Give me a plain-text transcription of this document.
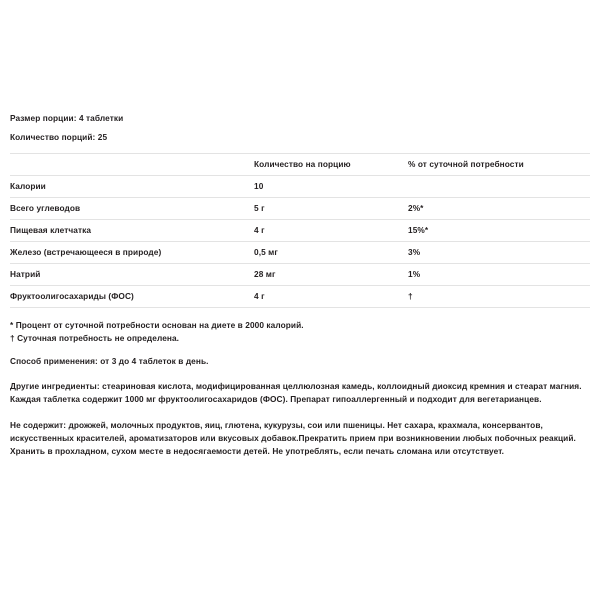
Размер порции: 4 таблетки

Количество порций: 25

	Количество на порцию	% от суточной потребности
Калории	10	
Всего углеводов	5 г	2%*
Пищевая клетчатка	4 г	15%*
Железо (встречающееся в природе)	0,5 мг	3%
Натрий	28 мг	1%
Фруктоолигосахариды (ФОС)	4 г	†

* Процент от суточной потребности основан на диете в 2000 калорий.

† Суточная потребность не определена.

Способ применения: от 3 до 4 таблеток в день.

Другие ингредиенты: стеариновая кислота, модифицированная целлюлозная камедь, коллоидный диоксид кремния и стеарат магния. Каждая таблетка содержит 1000 мг фруктоолигосахаридов (ФОС). Препарат гипоаллергенный и подходит для вегетарианцев.

Не содержит: дрожжей, молочных продуктов, яиц, глютена, кукурузы, сои или пшеницы. Нет сахара, крахмала, консервантов, искусственных красителей, ароматизаторов или вкусовых добавок.Прекратить прием при возникновении любых побочных реакций. Хранить в прохладном, сухом месте в недосягаемости детей. Не употреблять, если печать сломана или отсутствует.
